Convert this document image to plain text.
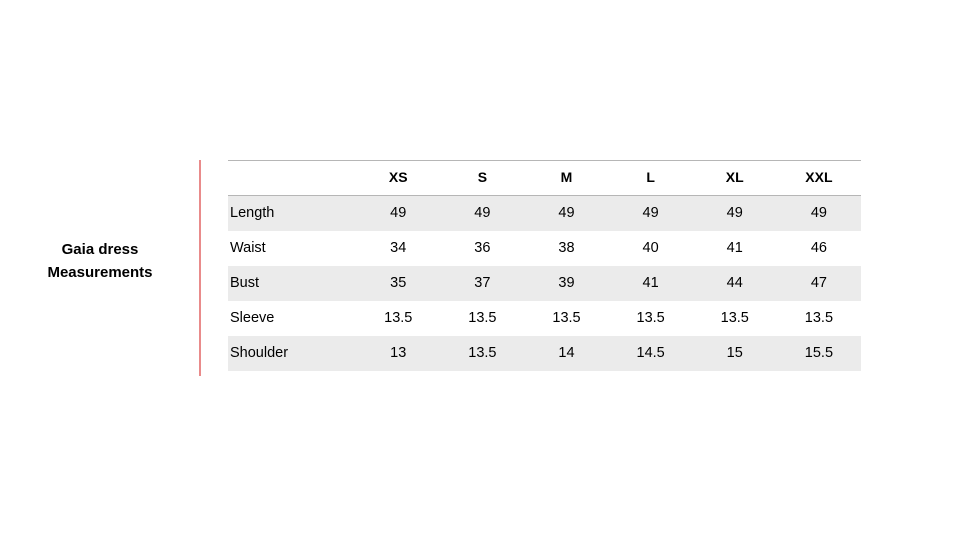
Gaia dress
Measurements
	XS	S	M	L	XL	XXL
Length	49	49	49	49	49	49
Waist	34	36	38	40	41	46
Bust	35	37	39	41	44	47
Sleeve	13.5	13.5	13.5	13.5	13.5	13.5
Shoulder	13	13.5	14	14.5	15	15.5
